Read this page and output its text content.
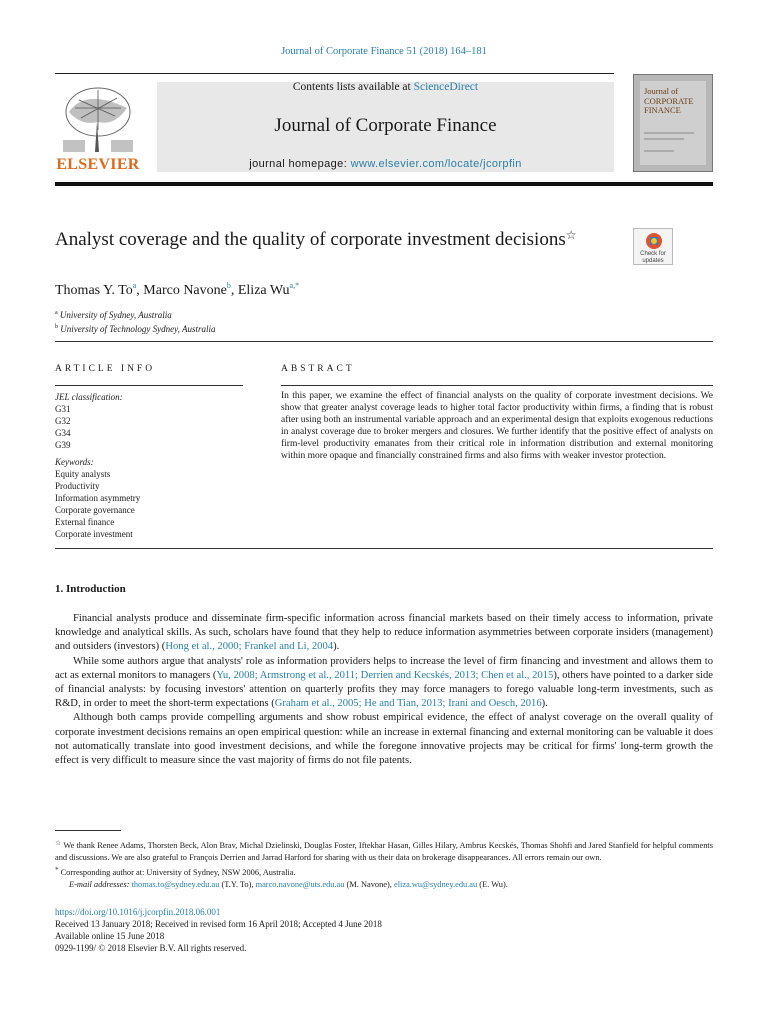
Journal of Corporate Finance 51 (2018) 164–181
ELSEVIER
Contents lists available at ScienceDirect
Journal of Corporate Finance
journal homepage: www.elsevier.com/locate/jcorpfin
Journal of
CORPORATE
FINANCE
Analyst coverage and the quality of corporate investment decisions☆
Check for
updates
Thomas Y. To$^a$, Marco Navone$^b$, Eliza $Wu^{a,*}$
$^a$ University of Sydney, Australia
$^b$ University of Technology Sydney, Australia
ARTICLE INFO	ABSTRACT
JEL classification:
G31
G32
G34
G39
Keywords:
Equity analysts
Productivity
Information asymmetry
Corporate governance
External finance
Corporate investment
In this paper, we examine the effect of financial analysts on the quality of corporate investment decisions. We show that greater analyst coverage leads to higher total factor productivity within firms, a finding that is robust after using both an instrumental variable approach and an experimental design that exploits exogenous reductions in analyst coverage due to broker mergers and closures. We further identify that the positive effect of analysts on firm-level productivity emanates from their critical role in information distribution and external monitoring within more opaque and financially constrained firms and also firms with weaker investor protection.
1. Introduction

Financial analysts produce and disseminate firm-specific information across financial markets based on their timely access to information, private knowledge and analytical skills. As such, scholars have found that they help to reduce information asymmetries between corporate insiders (management) and outsiders (investors) (Hong et al., 2000; Frankel and Li, 2004).

While some authors argue that analysts' role as information providers helps to increase the level of firm financing and investment and allows them to act as external monitors to managers (Yu, 2008; Armstrong et al., 2011; Derrien and Kecskés, 2013; Chen et al., 2015), others have pointed to a darker side of financial analysts: by focusing investors' attention on quarterly profits they may force managers to forego valuable long-term investments, such as R&D, in order to meet the short-term expectations (Graham et al., 2005; He and Tian, 2013; Irani and Oesch, 2016).

Although both camps provide compelling arguments and show robust empirical evidence, the effect of analyst coverage on the overall quality of corporate investment decisions remains an open empirical question: while an increase in external financing and external monitoring can be valuable it does not automatically translate into good investment decisions, and while the foregone innovative projects may be critical for firms' long-term growth the effect is very difficult to measure since the vast majority of firms do not file patents.

☆ We thank Renee Adams, Thorsten Beck, Alon Brav, Michal Dzielinski, Douglas Foster, Iftekhar Hasan, Gilles Hilary, Ambrus Kecskés, Thomas Shohfi and Jared Stanfield for helpful comments and discussions. We are also grateful to François Derrien and Jarrad Harford for sharing with us their data on brokerage disappearances. All errors remain our own.

* Corresponding author at: University of Sydney, NSW 2006, Australia.

E-mail addresses: thomas.to@sydney.edu.au (T.Y. To), marco.navone@uts.edu.au (M. Navone), eliza.wu@sydney.edu.au (E. Wu).

https://doi.org/10.1016/j.jcorpfin.2018.06.001
Received 13 January 2018; Received in revised form 16 April 2018; Accepted 4 June 2018
Available online 15 June 2018
0929-1199/ © 2018 Elsevier B.V. All rights reserved.
